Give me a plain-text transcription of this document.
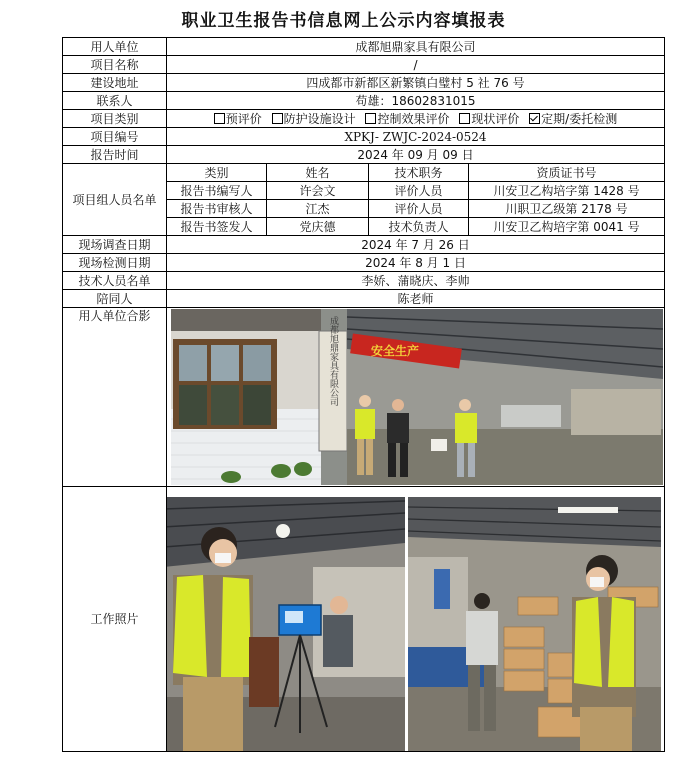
职业卫生报告书信息网上公示内容填报表
用人单位	成都旭鼎家具有限公司			
项目名称	/			
建设地址	四成都市新都区新繁镇白璧村 5 社 76 号			
联系人	苟雄：18602831015			
项目类别	预评价 防护设施设计 控制效果评价 现状评价 定期/委托检测			
项目编号	XPKJ- ZWJC-2024-0524			
报告时间	2024 年 09 月 09 日			
项目组人员名单	类别	姓名	技术职务	资质证书号
	报告书编写人	许会文	评价人员	川安卫乙构培字第 1428 号
	报告书审核人	江杰	评价人员	川职卫乙级第 2178 号
	报告书签发人	党庆德	技术负责人	川安卫乙构培字第 0041 号
现场调查日期	2024 年 7 月 26 日			
现场检测日期	2024 年 8 月 1 日			
技术人员名单	李娇、蒲晓庆、李帅			
陪同人	陈老师			
用人单位合影	成都旭鼎家具有限公司 安全生产			

工作照片	
